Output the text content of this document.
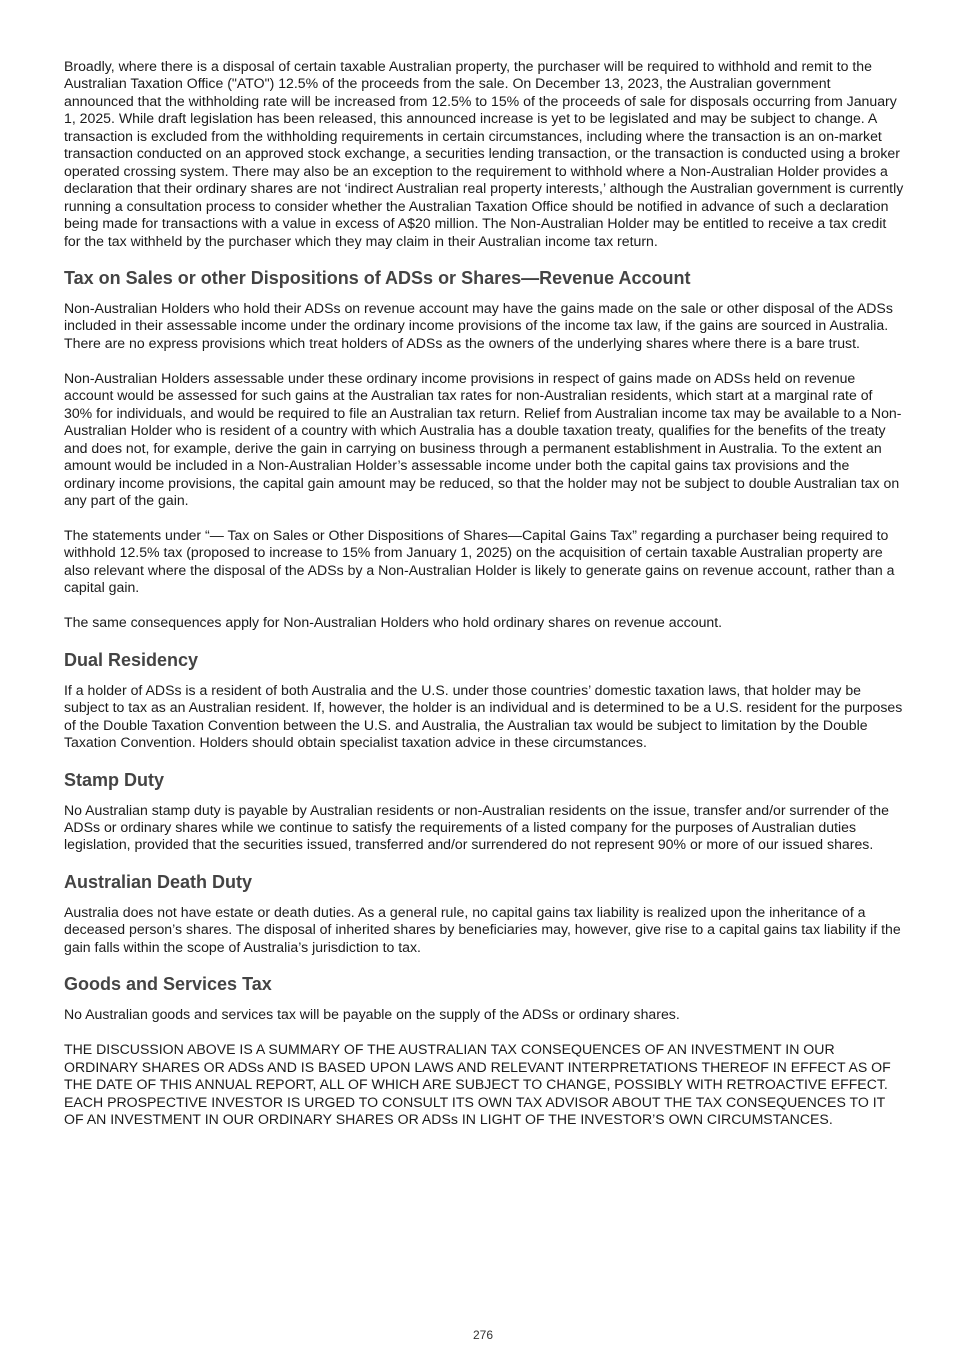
Broadly, where there is a disposal of certain taxable Australian property, the purchaser will be required to withhold and remit to the Australian Taxation Office ("ATO") 12.5% of the proceeds from the sale. On December 13, 2023, the Australian government announced that the withholding rate will be increased from 12.5% to 15% of the proceeds of sale for disposals occurring from January 1, 2025. While draft legislation has been released, this announced increase is yet to be legislated and may be subject to change. A transaction is excluded from the withholding requirements in certain circumstances, including where the transaction is an on-market transaction conducted on an approved stock exchange, a securities lending transaction, or the transaction is conducted using a broker operated crossing system. There may also be an exception to the requirement to withhold where a Non-Australian Holder provides a declaration that their ordinary shares are not ‘indirect Australian real property interests,’ although the Australian government is currently running a consultation process to consider whether the Australian Taxation Office should be notified in advance of such a declaration being made for transactions with a value in excess of A$20 million. The Non-Australian Holder may be entitled to receive a tax credit for the tax withheld by the purchaser which they may claim in their Australian income tax return.

Tax on Sales or other Dispositions of ADSs or Shares—Revenue Account

Non-Australian Holders who hold their ADSs on revenue account may have the gains made on the sale or other disposal of the ADSs included in their assessable income under the ordinary income provisions of the income tax law, if the gains are sourced in Australia. There are no express provisions which treat holders of ADSs as the owners of the underlying shares where there is a bare trust.

Non-Australian Holders assessable under these ordinary income provisions in respect of gains made on ADSs held on revenue account would be assessed for such gains at the Australian tax rates for non-Australian residents, which start at a marginal rate of 30% for individuals, and would be required to file an Australian tax return. Relief from Australian income tax may be available to a Non-Australian Holder who is resident of a country with which Australia has a double taxation treaty, qualifies for the benefits of the treaty and does not, for example, derive the gain in carrying on business through a permanent establishment in Australia. To the extent an amount would be included in a Non-Australian Holder’s assessable income under both the capital gains tax provisions and the ordinary income provisions, the capital gain amount may be reduced, so that the holder may not be subject to double Australian tax on any part of the gain.

The statements under “— Tax on Sales or Other Dispositions of Shares—Capital Gains Tax” regarding a purchaser being required to withhold 12.5% tax (proposed to increase to 15% from January 1, 2025) on the acquisition of certain taxable Australian property are also relevant where the disposal of the ADSs by a Non-Australian Holder is likely to generate gains on revenue account, rather than a capital gain.

The same consequences apply for Non-Australian Holders who hold ordinary shares on revenue account.

Dual Residency

If a holder of ADSs is a resident of both Australia and the U.S. under those countries’ domestic taxation laws, that holder may be subject to tax as an Australian resident. If, however, the holder is an individual and is determined to be a U.S. resident for the purposes of the Double Taxation Convention between the U.S. and Australia, the Australian tax would be subject to limitation by the Double Taxation Convention. Holders should obtain specialist taxation advice in these circumstances.

Stamp Duty

No Australian stamp duty is payable by Australian residents or non-Australian residents on the issue, transfer and/or surrender of the ADSs or ordinary shares while we continue to satisfy the requirements of a listed company for the purposes of Australian duties legislation, provided that the securities issued, transferred and/or surrendered do not represent 90% or more of our issued shares.

Australian Death Duty

Australia does not have estate or death duties. As a general rule, no capital gains tax liability is realized upon the inheritance of a deceased person’s shares. The disposal of inherited shares by beneficiaries may, however, give rise to a capital gains tax liability if the gain falls within the scope of Australia’s jurisdiction to tax.

Goods and Services Tax

No Australian goods and services tax will be payable on the supply of the ADSs or ordinary shares.

THE DISCUSSION ABOVE IS A SUMMARY OF THE AUSTRALIAN TAX CONSEQUENCES OF AN INVESTMENT IN OUR ORDINARY SHARES OR ADSs AND IS BASED UPON LAWS AND RELEVANT INTERPRETATIONS THEREOF IN EFFECT AS OF THE DATE OF THIS ANNUAL REPORT, ALL OF WHICH ARE SUBJECT TO CHANGE, POSSIBLY WITH RETROACTIVE EFFECT. EACH PROSPECTIVE INVESTOR IS URGED TO CONSULT ITS OWN TAX ADVISOR ABOUT THE TAX CONSEQUENCES TO IT OF AN INVESTMENT IN OUR ORDINARY SHARES OR ADSs IN LIGHT OF THE INVESTOR’S OWN CIRCUMSTANCES.

276
